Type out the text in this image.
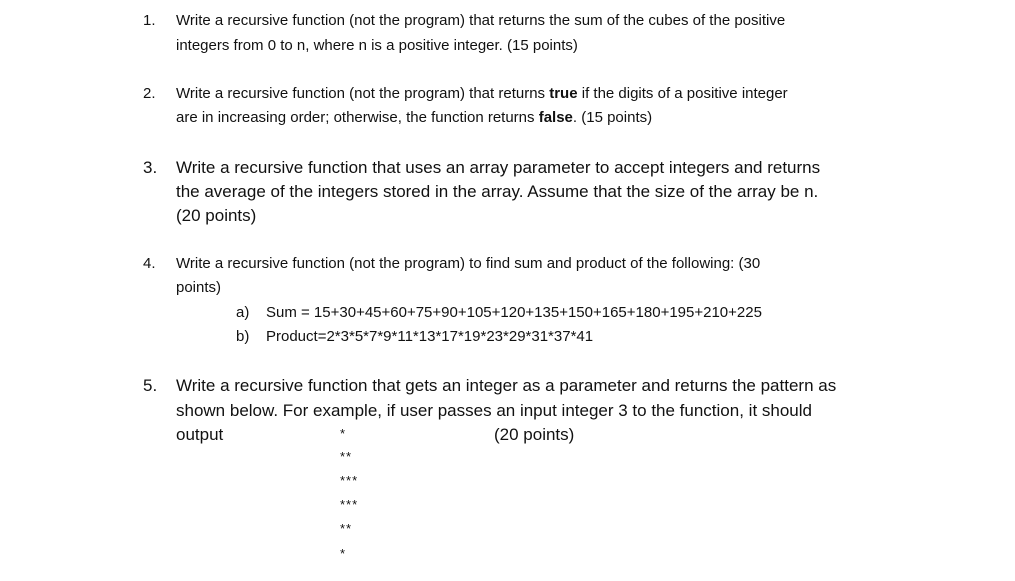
1. Write a recursive function (not the program) that returns the sum of the cubes of the positive
integers from 0 to n, where n is a positive integer. (15 points)
2. Write a recursive function (not the program) that returns true if the digits of a positive integer
are in increasing order; otherwise, the function returns false. (15 points)
3. Write a recursive function that uses an array parameter to accept integers and returns
the average of the integers stored in the array. Assume that the size of the array be n.
(20 points)
4. Write a recursive function (not the program) to find sum and product of the following: (30
points)
a) Sum = 15+30+45+60+75+90+105+120+135+150+165+180+195+210+225
b) Product=2*3*5*7*9*11*13*17*19*23*29*31*37*41
5. Write a recursive function that gets an integer as a parameter and returns the pattern as
shown below. For example, if user passes an input integer 3 to the function, it should
output	(20 points)
*
**
***
***
**
*
